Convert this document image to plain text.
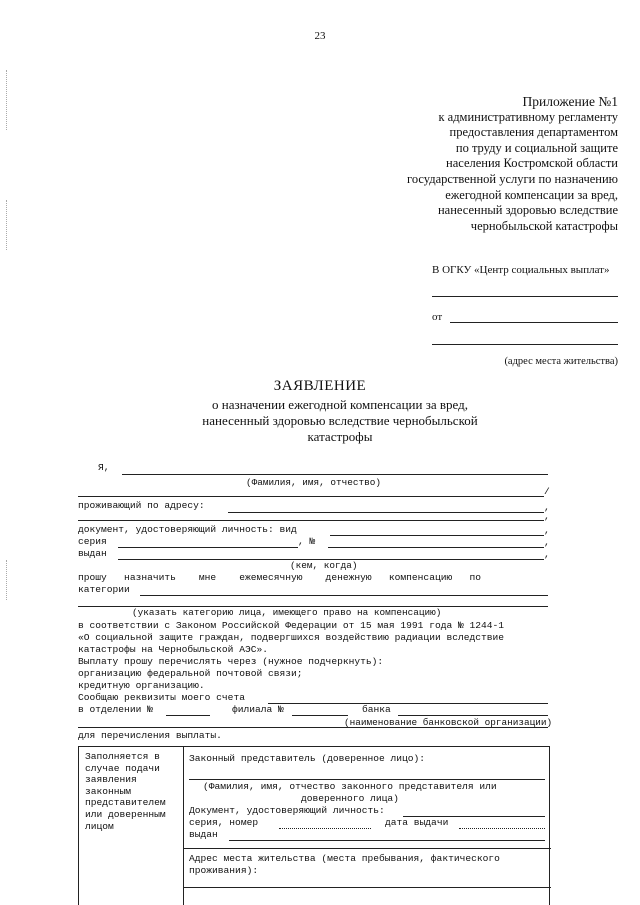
23
Приложение №1
к административному регламенту
предоставления департаментом
по труду и социальной защите
населения Костромской области
государственной услуги по назначению
ежегодной компенсации за вред,
нанесенный здоровью вследствие
чернобыльской катастрофы
В ОГКУ «Центр социальных выплат»
от
(адрес места жительства)
ЗАЯВЛЕНИЕ
о назначении ежегодной компенсации за вред,
нанесенный здоровью вследствие чернобыльской
катастрофы
Я,
(Фамилия, имя, отчество)
/
проживающий по адресу:	,
,
документ, удостоверяющий личность: вид	,
серия	, №	,
выдан	,
(кем, когда)
прошу   назначить    мне    ежемесячную    денежную   компенсацию   по
категории
(указать категорию лица, имеющего право на компенсацию)
в соответствии с Законом Российской Федерации от 15 мая 1991 года № 1244-1
«О социальной защите граждан, подвергшихся воздействию радиации вследствие
катастрофы на Чернобыльской АЭС».
Выплату прошу перечислять через (нужное подчеркнуть):
организацию федеральной почтовой связи;
кредитную организацию.
Сообщаю реквизиты моего счета
в отделении №	филиала №	банка
(наименование банковской организации)
для перечисления выплаты.
Заполняется в
случае подачи
заявления
законным
представителем
или доверенным
лицом
Законный представитель (доверенное лицо):
(Фамилия, имя, отчество законного представителя или
доверенного лица)
Документ, удостоверяющий личность:
серия, номер	дата выдачи
выдан
Адрес места жительства (места пребывания, фактического
проживания):
